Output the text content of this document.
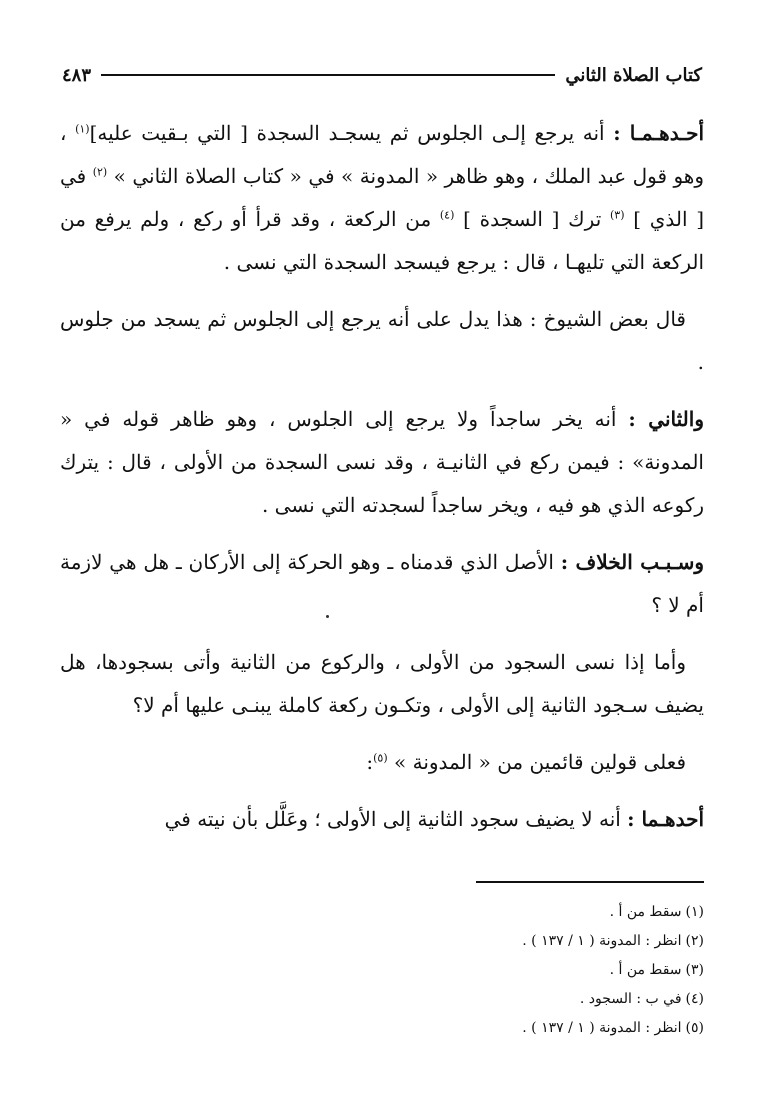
كتاب الصلاة الثاني
٤٨٣

أحـدهـمـا : أنه يرجع إلـى الجلوس ثم يسجـد السجدة [ التي بـقيت عليه]$^{(١)}$ ، وهو قول عبد الملك ، وهو ظاهر « المدونة » في « كتاب الصلاة الثاني » $^{(٢)}$ في [ الذي ] $^{(٣)}$ ترك [ السجدة ] $^{(٤)}$ من الركعة ، وقد قرأ أو ركع ، ولم يرفع من الركعة التي تليهـا ، قال : يرجع فيسجد السجدة التي نسى .

قال بعض الشيوخ : هذا يدل على أنه يرجع إلى الجلوس ثم يسجد من جلوس .

والثاني : أنه يخر ساجداً ولا يرجع إلى الجلوس ، وهو ظاهر قوله في « المدونة» : فيمن ركع في الثانيـة ، وقد نسى السجدة من الأولى ، قال : يترك ركوعه الذي هو فيه ، ويخر ساجداً لسجدته التي نسى .

وسـبـب الخلاف : الأصل الذي قدمناه ـ وهو الحركة إلى الأركان ـ هل هي لازمة أم لا ؟

وأما إذا نسى السجود من الأولى ، والركوع من الثانية وأتى بسجودها، هل يضيف سـجود الثانية إلى الأولى ، وتكـون ركعة كاملة يبنـى عليها أم لا؟

فعلى قولين قائمين من « المدونة » $^{(٥)}$:

أحدهـما : أنه لا يضيف سجود الثانية إلى الأولى ؛ وعَلَّل بأن نيته في

(١)سقط من أ .

(٢)انظر : المدونة ( ١ / ١٣٧ ) .

(٣)سقط من أ .

(٤)في ب : السجود .

(٥)انظر : المدونة ( ١ / ١٣٧ ) .
